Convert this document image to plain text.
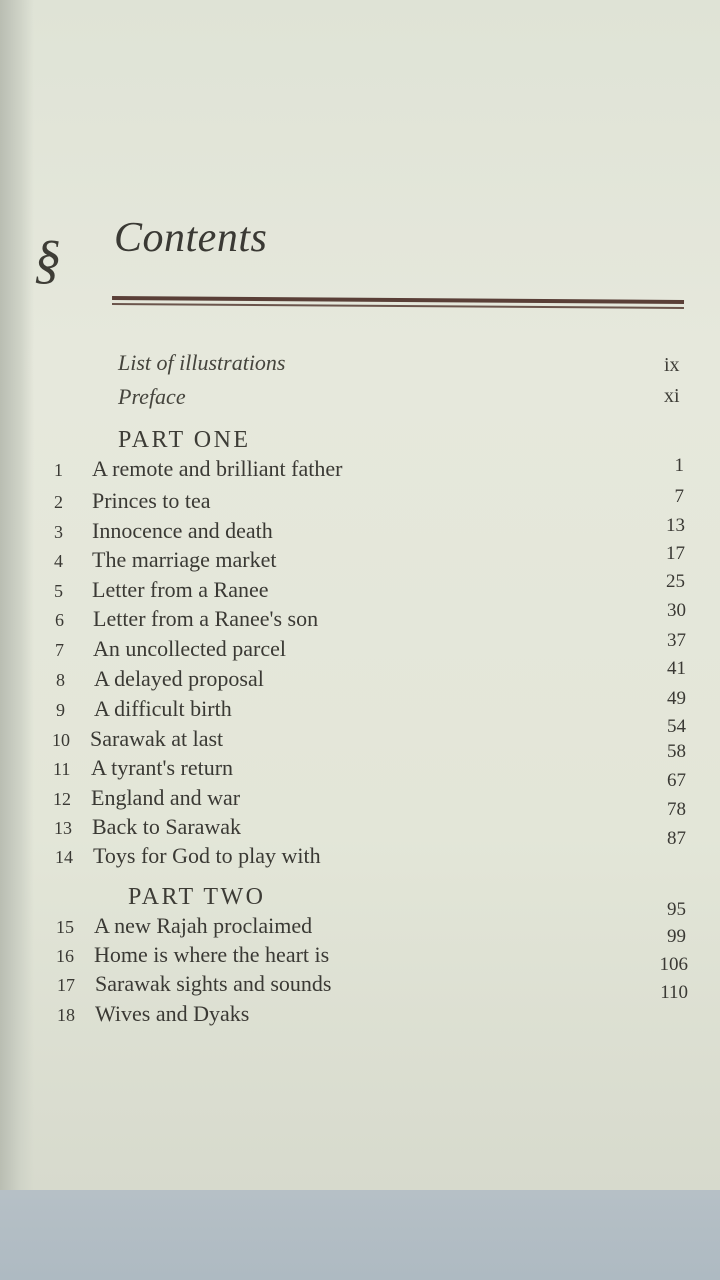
§ Contents
List of illustrations	ix
Preface	xi
PART ONE
1 A remote and brilliant father
2 Princes to tea
3 Innocence and death
4 The marriage market
5 Letter from a Ranee
6 Letter from a Ranee's son
7 An uncollected parcel
8 A delayed proposal
9 A difficult birth
10 Sarawak at last
11 A tyrant's return
12 England and war
13 Back to Sarawak
14 Toys for God to play with
PART TWO
15 A new Rajah proclaimed
16 Home is where the heart is
17 Sarawak sights and sounds
18 Wives and Dyaks
1
7
13
17
25
30
37
41
49
54
58
67
78
87
95
99
106
110
